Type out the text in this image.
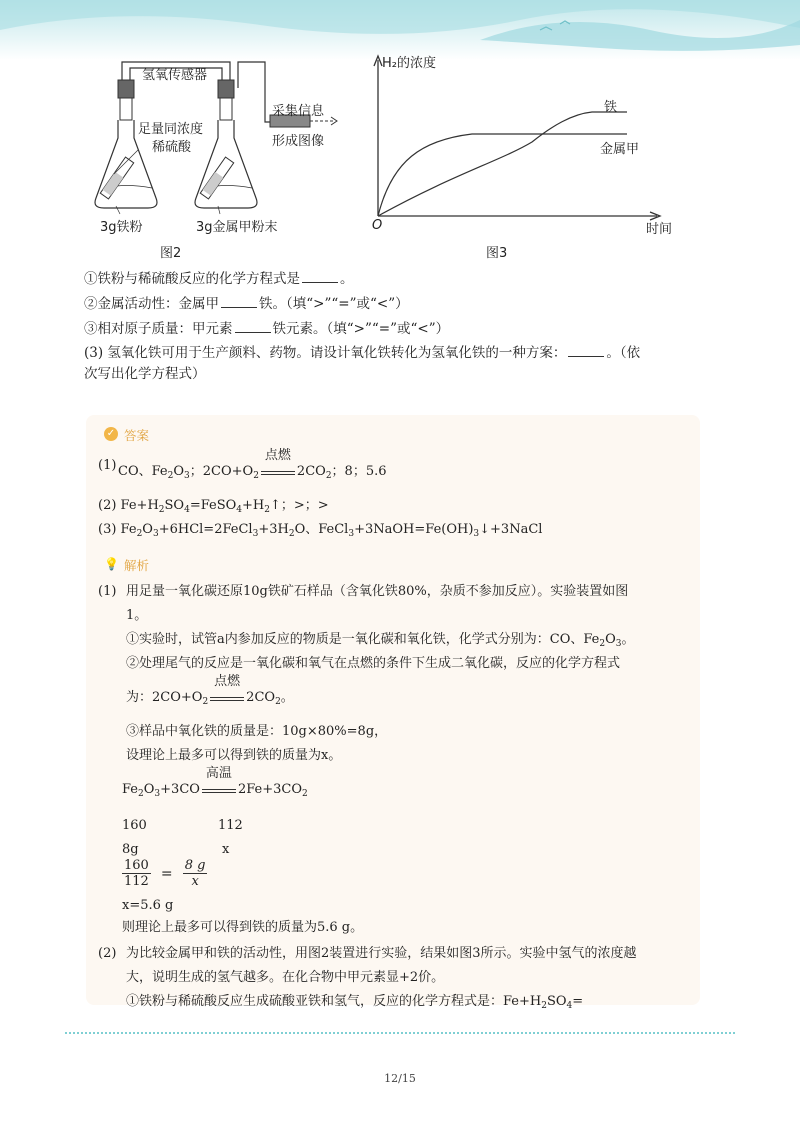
氢氧传感器
足量同浓度
稀硫酸
采集信息
形成图像
3g铁粉	3g金属甲粉末
图2
H₂的浓度
铁
金属甲
O	时间
图3
①铁粉与稀硫酸反应的化学方程式是	。
②金属活动性：金属甲	铁。（填“>”“=”或“<”）
③相对原子质量：甲元素	铁元素。（填“>”“=”或“<”）
(3) 氢氧化铁可用于生产颜料、药物。请设计氧化铁转化为氢氧化铁的一种方案：	。（依
次写出化学方程式）
✓ 答案
(1) CO、$Fe_2O_3$；$2CO+O_2$
点燃
$2CO_2$；8；5.6
(2) $Fe+H_2SO_4=FeSO_4+H_2↑$；>；>
(3) $Fe_2O_3+6HCl=2FeCl_3+3H_2O$、$FeCl_3+3NaOH=Fe(OH)_3↓+3NaCl$
💡 解析
(1) 用足量一氧化碳还原10g铁矿石样品（含氧化铁80%，杂质不参加反应）。实验装置如图
1。
①实验时，试管a内参加反应的物质是一氧化碳和氧化铁，化学式分别为：CO、$Fe_2O_3$。
②处理尾气的反应是一氧化碳和氧气在点燃的条件下生成二氧化碳，反应的化学方程式
为：$2CO+O_2$
点燃
$2CO_2$。
③样品中氧化铁的质量是：10g×80%=8g，
设理论上最多可以得到铁的质量为x。
$Fe_2O_3+3CO$
高温
$2Fe+3CO_2$
160	112
8g	x
$\frac{160}{112} = \frac{8 g}{x}$
x=5.6 g
则理论上最多可以得到铁的质量为5.6 g。
(2) 为比较金属甲和铁的活动性，用图2装置进行实验，结果如图3所示。实验中氢气的浓度越
大，说明生成的氢气越多。在化合物中甲元素显+2价。
①铁粉与稀硫酸反应生成硫酸亚铁和氢气，反应的化学方程式是：$Fe+H_2SO_4=$
12/15
